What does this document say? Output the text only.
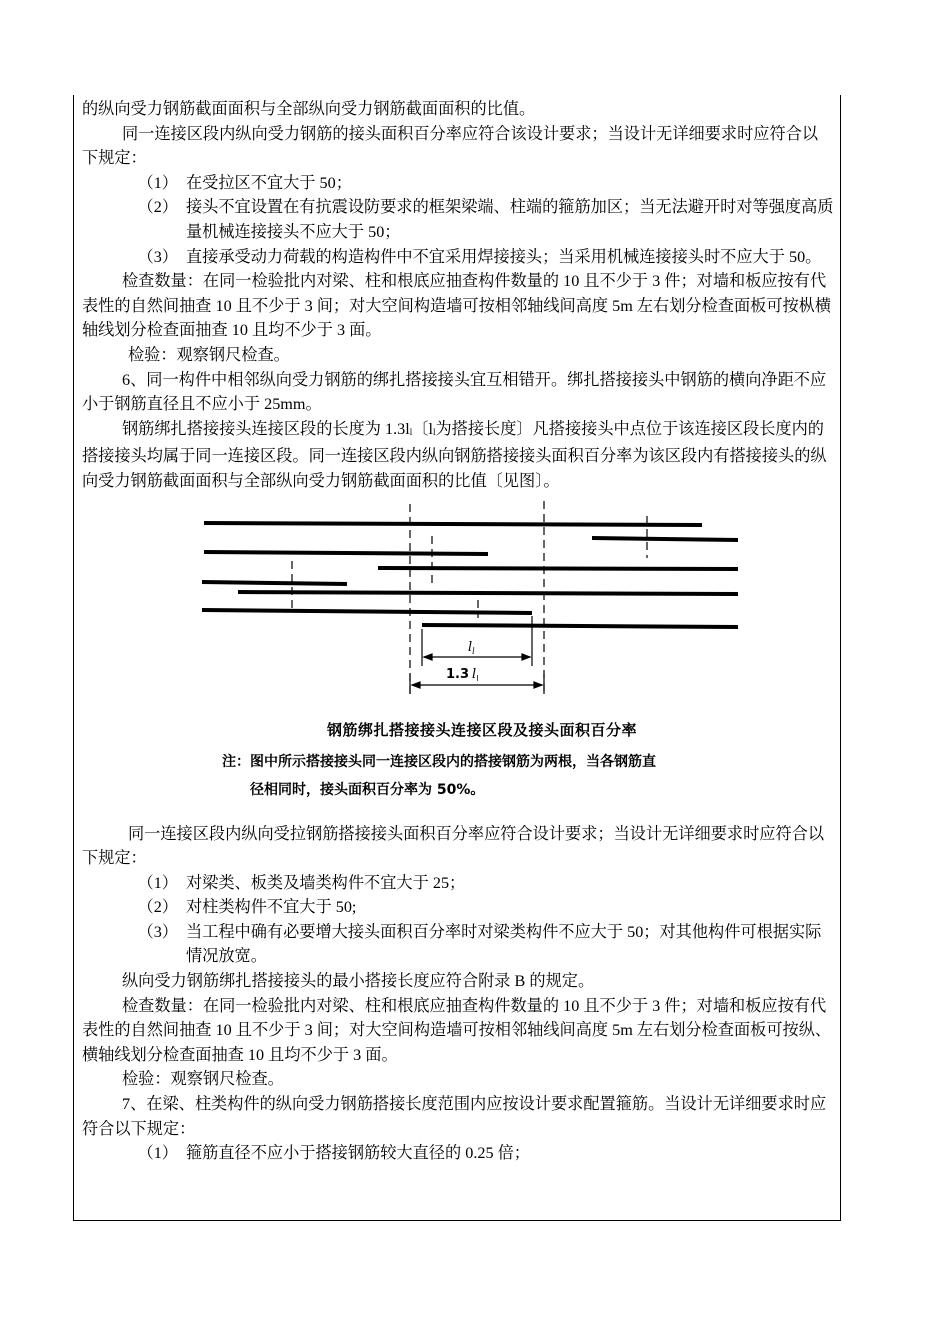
的纵向受力钢筋截面面积与全部纵向受力钢筋截面面积的比值。

同一连接区段内纵向受力钢筋的接头面积百分率应符合该设计要求；当设计无详细要求时应符合以下规定：

（1） 在受拉区不宜大于 50；
（2） 接头不宜设置在有抗震设防要求的框架梁端、柱端的箍筋加区；当无法避开时对等强度高质量机械连接接头不应大于 50；
（3） 直接承受动力荷载的构造构件中不宜采用焊接接头；当采用机械连接接头时不应大于 50。

检查数量：在同一检验批内对梁、柱和根底应抽查构件数量的 10 且不少于 3 件；对墙和板应按有代表性的自然间抽查 10 且不少于 3 间；对大空间构造墙可按相邻轴线间高度 5m 左右划分检查面板可按枞横轴线划分检查面抽查 10 且均不少于 3 面。

检验：观察钢尺检查。

6、同一构件中相邻纵向受力钢筋的绑扎搭接接头宜互相错开。绑扎搭接接头中钢筋的横向净距不应小于钢筋直径且不应小于 25mm。

钢筋绑扎搭接接头连接区段的长度为 $1.3l_l$〔$l_l$为搭接长度〕凡搭接接头中点位于该连接区段长度内的搭接接头均属于同一连接区段。同一连接区段内纵向钢筋搭接接头面积百分率为该区段内有搭接接头的纵向受力钢筋截面面积与全部纵向受力钢筋截面面积的比值〔见图〕。

$l_l$
1.3 $l_l$
钢筋绑扎搭接接头连接区段及接头面积百分率
注：图中所示搭接接头同一连接区段内的搭接钢筋为两根，当各钢筋直
径相同时，接头面积百分率为 50%。

同一连接区段内纵向受拉钢筋搭接接头面积百分率应符合设计要求；当设计无详细要求时应符合以下规定：

（1） 对梁类、板类及墙类构件不宜大于 25；
（2） 对柱类构件不宜大于 50;
（3） 当工程中确有必要增大接头面积百分率时对梁类构件不应大于 50；对其他构件可根据实际情况放宽。

纵向受力钢筋绑扎搭接接头的最小搭接长度应符合附录 B 的规定。

检查数量：在同一检验批内对梁、柱和根底应抽查构件数量的 10 且不少于 3 件；对墙和板应按有代表性的自然间抽查 10 且不少于 3 间；对大空间构造墙可按相邻轴线间高度 5m 左右划分检查面板可按纵、横轴线划分检查面抽查 10 且均不少于 3 面。

检验：观察钢尺检查。

7、在梁、柱类构件的纵向受力钢筋搭接长度范围内应按设计要求配置箍筋。当设计无详细要求时应符合以下规定：

（1） 箍筋直径不应小于搭接钢筋较大直径的 0.25 倍；
